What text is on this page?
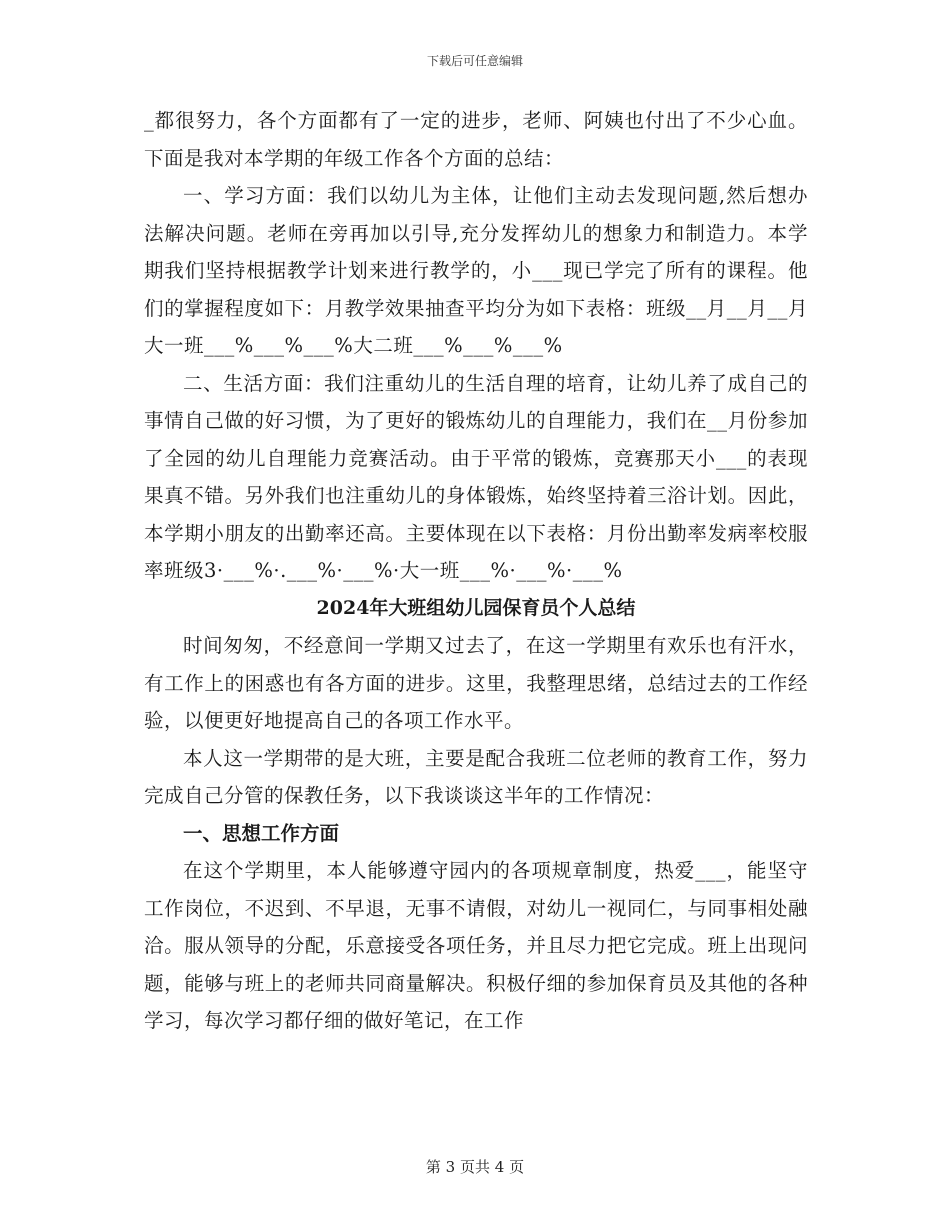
下载后可任意编辑

_都很努力，各个方面都有了一定的进步，老师、阿姨也付出了不少心血。下面是我对本学期的年级工作各个方面的总结：

一、学习方面：我们以幼儿为主体，让他们主动去发现问题,然后想办法解决问题。老师在旁再加以引导,充分发挥幼儿的想象力和制造力。本学期我们坚持根据教学计划来进行教学的，小___现已学完了所有的课程。他们的掌握程度如下：月教学效果抽查平均分为如下表格：班级__月__月__月大一班___%___%___%大二班___%___%___%

二、生活方面：我们注重幼儿的生活自理的培育，让幼儿养了成自己的事情自己做的好习惯，为了更好的锻炼幼儿的自理能力，我们在__月份参加了全园的幼儿自理能力竞赛活动。由于平常的锻炼，竞赛那天小___的表现果真不错。另外我们也注重幼儿的身体锻炼，始终坚持着三浴计划。因此，本学期小朋友的出勤率还高。主要体现在以下表格：月份出勤率发病率校服率班级3·___%·.___%·___%·大一班___%·___%·___%

2024年大班组幼儿园保育员个人总结

时间匆匆，不经意间一学期又过去了，在这一学期里有欢乐也有汗水，有工作上的困惑也有各方面的进步。这里，我整理思绪，总结过去的工作经验，以便更好地提高自己的各项工作水平。

本人这一学期带的是大班，主要是配合我班二位老师的教育工作，努力完成自己分管的保教任务，以下我谈谈这半年的工作情况：

一、思想工作方面

在这个学期里，本人能够遵守园内的各项规章制度，热爱___，能坚守工作岗位，不迟到、不早退，无事不请假，对幼儿一视同仁，与同事相处融洽。服从领导的分配，乐意接受各项任务，并且尽力把它完成。班上出现问题，能够与班上的老师共同商量解决。积极仔细的参加保育员及其他的各种学习，每次学习都仔细的做好笔记，在工作

第 3 页共 4 页
